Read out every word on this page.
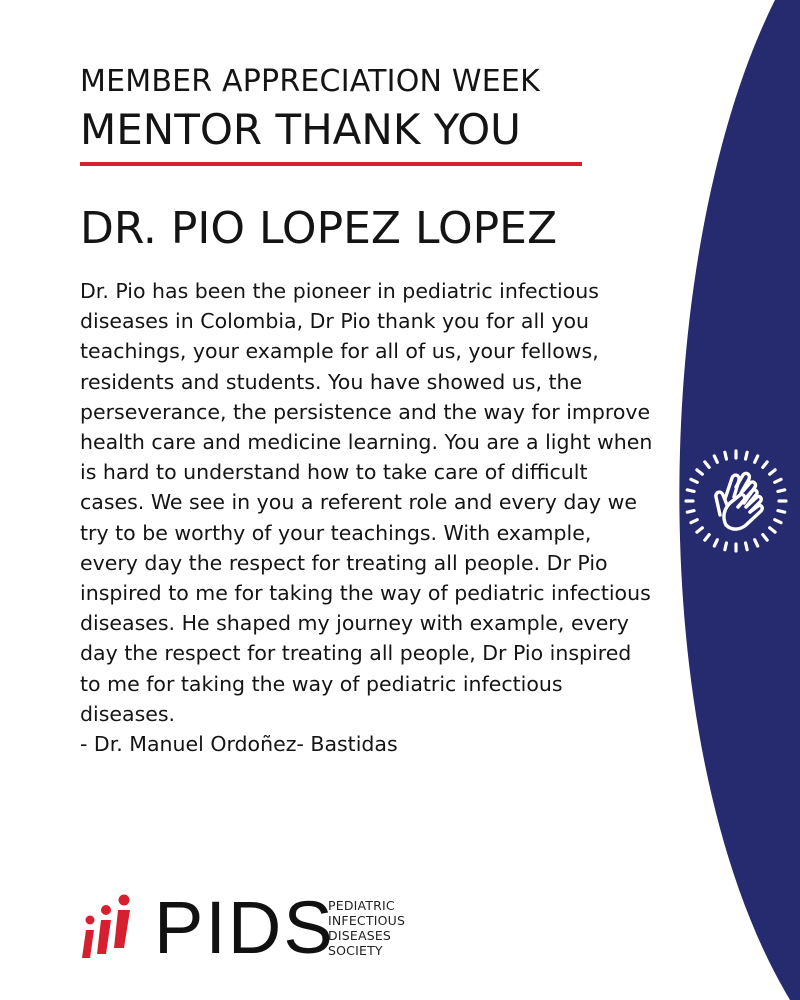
MEMBER APPRECIATION WEEK
MENTOR THANK YOU
DR. PIO LOPEZ LOPEZ

Dr. Pio has been the pioneer in pediatric infectious diseases in Colombia, Dr Pio thank you for all you teachings, your example for all of us, your fellows, residents and students. You have showed us, the perseverance, the persistence and the way for improve health care and medicine learning. You are a light when is hard to understand how to take care of difficult cases. We see in you a referent role and every day we try to be worthy of your teachings. With example, every day the respect for treating all people. Dr Pio inspired to me for taking the way of pediatric infectious diseases. He shaped my journey with example, every day the respect for treating all people, Dr Pio inspired to me for taking the way of pediatric infectious diseases.

- Dr. Manuel Ordoñez- Bastidas

PIDS
PEDIATRIC
INFECTIOUS
DISEASES
SOCIETY
